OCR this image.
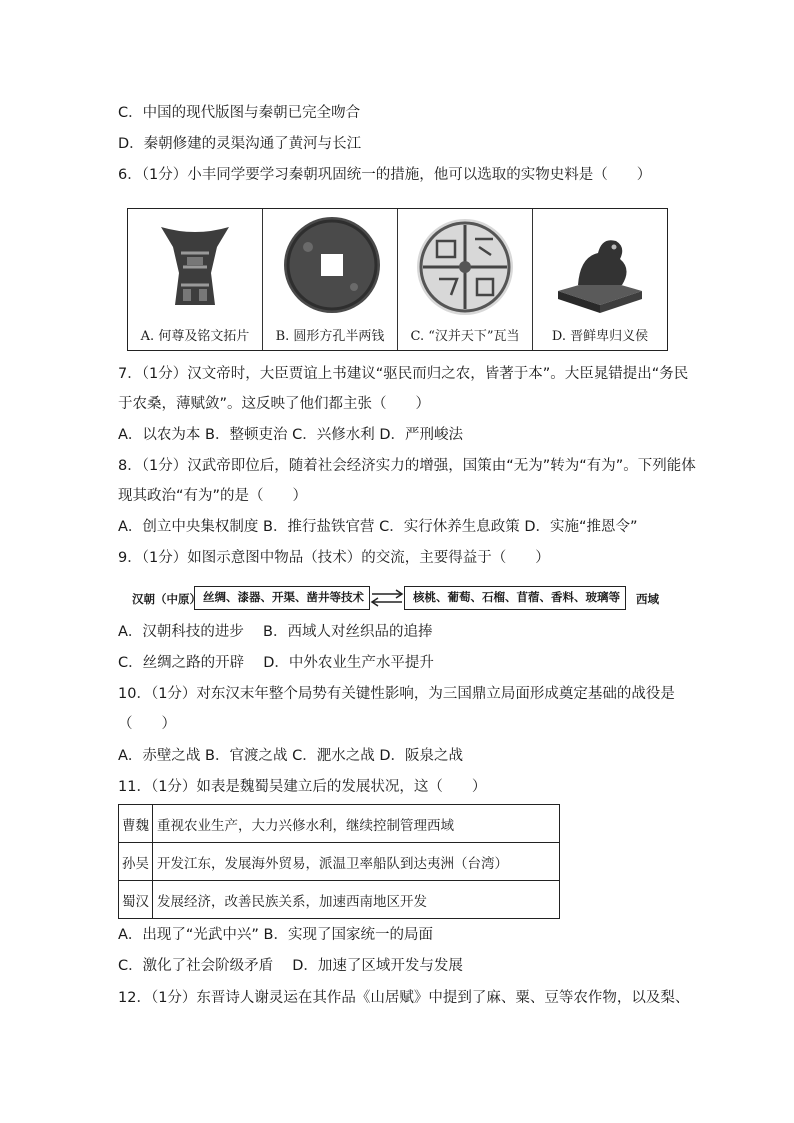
C．中国的现代版图与秦朝已完全吻合
D．秦朝修建的灵渠沟通了黄河与长江
6．（1分）小丰同学要学习秦朝巩固统一的措施，他可以选取的实物史料是（　　）
A. 何尊及铭文拓片	B. 圆形方孔半两钱	C. “汉并天下”瓦当	D. 晋鲜卑归义侯
7．（1分）汉文帝时，大臣贾谊上书建议“驱民而归之农，皆著于本”。大臣晁错提出“务民
于农桑，薄赋敛”。这反映了他们都主张（　　）
A．以农为本 B．整顿吏治 C．兴修水利 D．严刑峻法
8．（1分）汉武帝即位后，随着社会经济实力的增强，国策由“无为”转为“有为”。下列能体
现其政治“有为”的是（　　）
A．创立中央集权制度 B．推行盐铁官营 C．实行休养生息政策 D．实施“推恩令”
9．（1分）如图示意图中物品（技术）的交流，主要得益于（　　）
汉朝（中原） 丝绸、漆器、开渠、凿井等技术	核桃、葡萄、石榴、苜蓿、香料、玻璃等	西域
A．汉朝科技的进步　 B．西域人对丝织品的追捧
C．丝绸之路的开辟　 D．中外农业生产水平提升
10．（1分）对东汉末年整个局势有关键性影响，为三国鼎立局面形成奠定基础的战役是
（　　）
A．赤壁之战 B．官渡之战 C．淝水之战 D．阪泉之战
11．（1分）如表是魏蜀吴建立后的发展状况，这（　　）
曹魏	重视农业生产，大力兴修水利，继续控制管理西域
孙吴	开发江东，发展海外贸易，派温卫率船队到达夷洲（台湾）
蜀汉	发展经济，改善民族关系，加速西南地区开发
A．出现了“光武中兴” B．实现了国家统一的局面
C．激化了社会阶级矛盾　 D．加速了区域开发与发展
12．（1分）东晋诗人谢灵运在其作品《山居赋》中提到了麻、粟、豆等农作物，以及梨、
